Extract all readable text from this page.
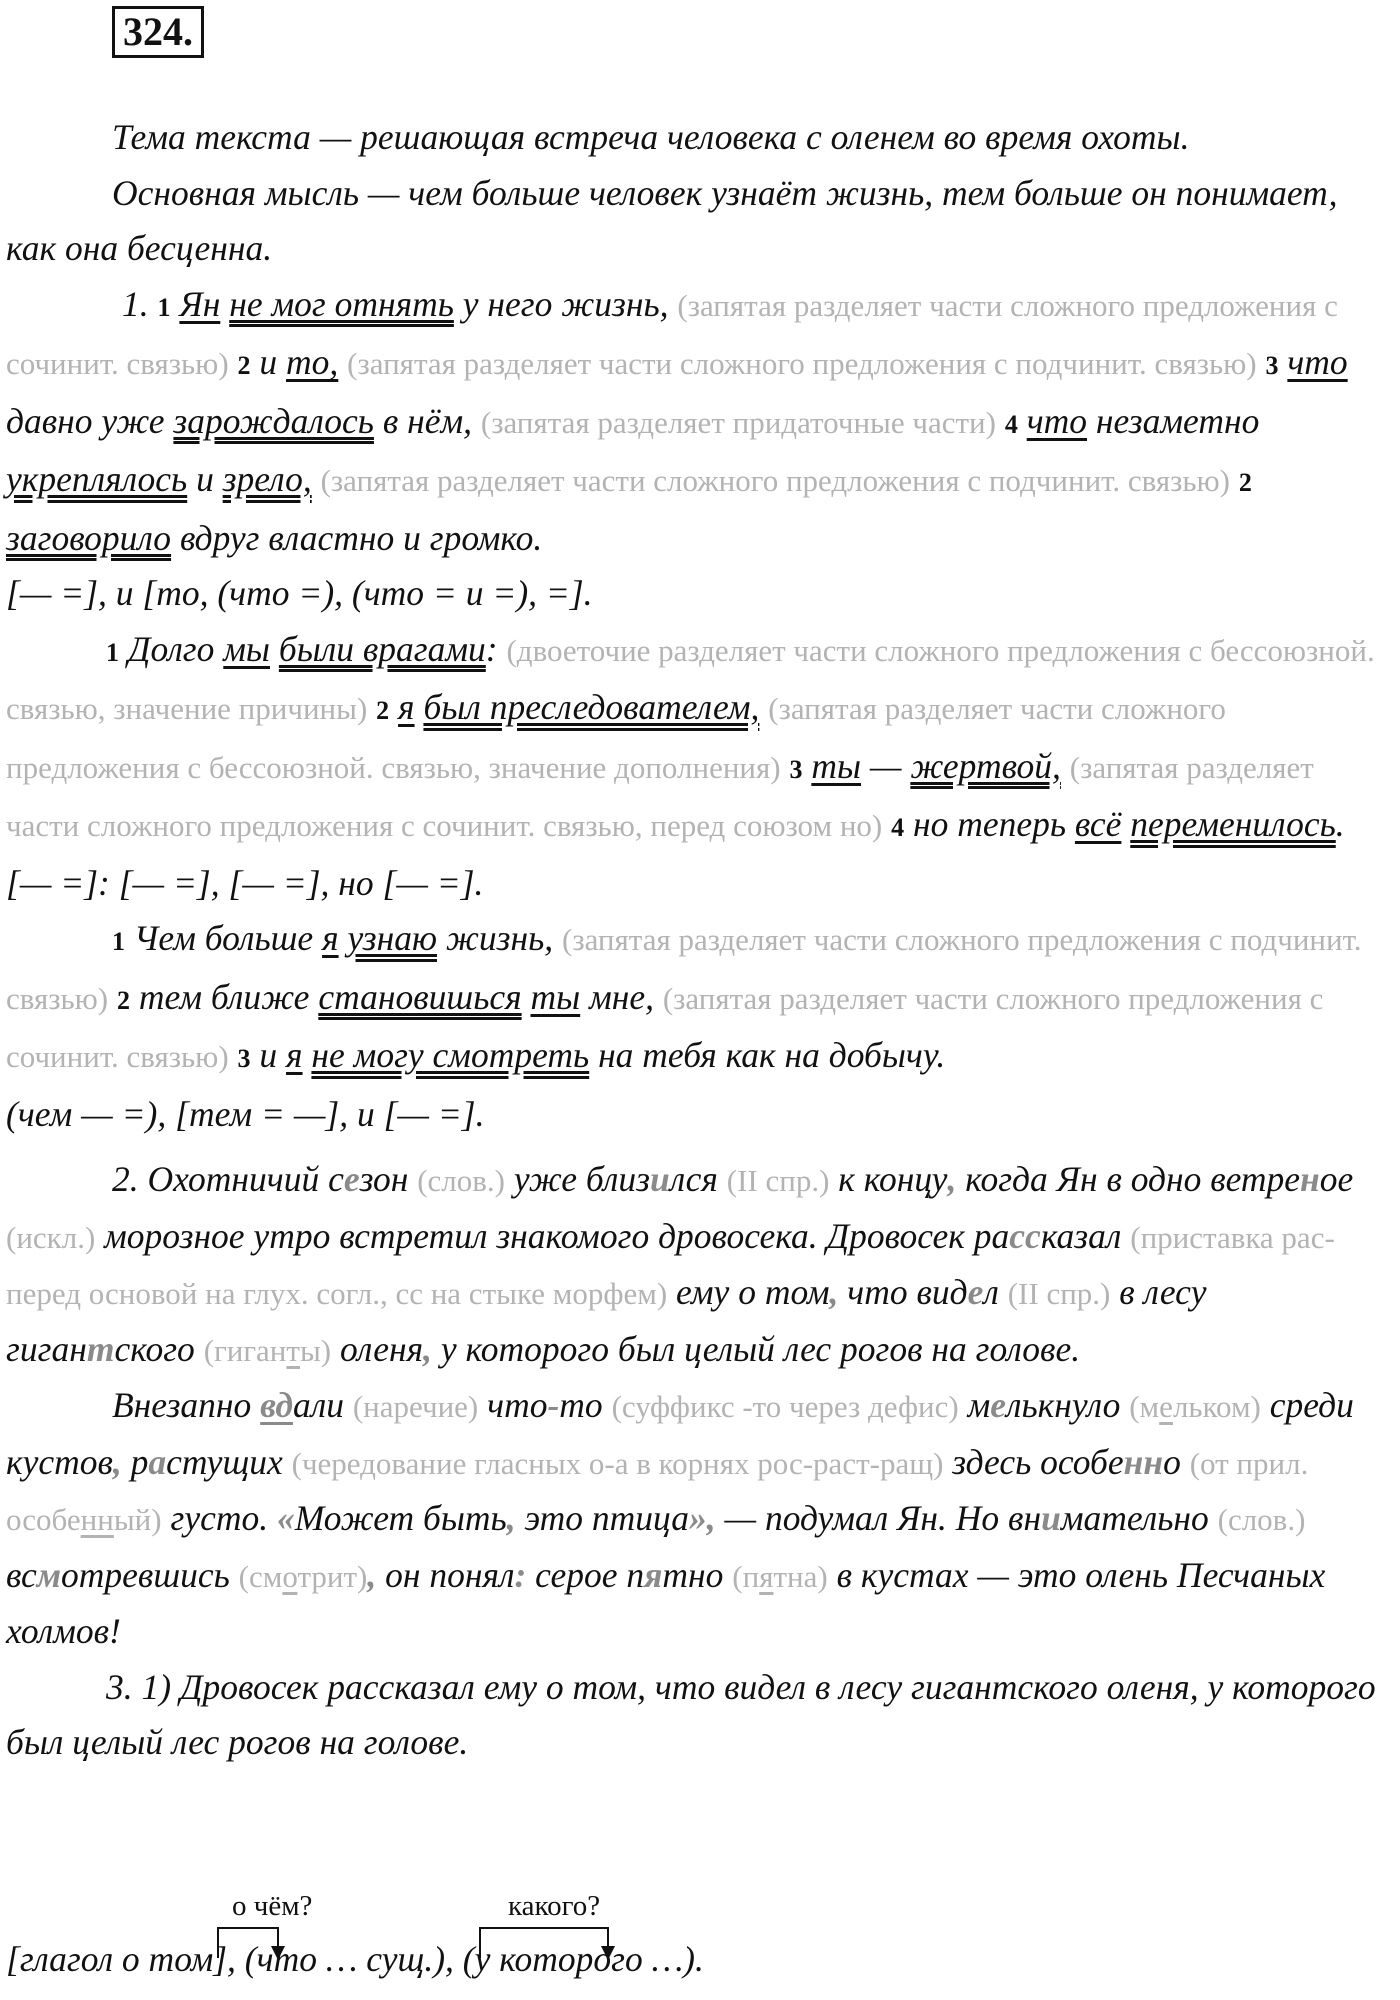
324.

Тема текста — решающая встреча человека с оленем во время охоты.

Основная мысль — чем больше человек узнаёт жизнь, тем больше он понимает, как она бесценна.

1. 1 Ян не мог отнять у него жизнь, (запятая разделяет части сложного предложения с сочинит. связью) 2 и то, (запятая разделяет части сложного предложения с подчинит. связью) 3 что давно уже зарождалось в нём, (запятая разделяет придаточные части) 4 что незаметно укреплялось и зрело, (запятая разделяет части сложного предложения с подчинит. связью) 2 заговорило вдруг властно и громко.

[— =], и [то, (что =), (что = и =), =].

1 Долго мы были врагами: (двоеточие разделяет части сложного предложения с бессоюзной. связью, значение причины) 2 я был преследователем, (запятая разделяет части сложного предложения с бессоюзной. связью, значение дополнения) 3 ты — жертвой, (запятая разделяет части сложного предложения с сочинит. связью, перед союзом но) 4 но теперь всё переменилось.

[— =]: [— =], [— =], но [— =].

1 Чем больше я узнаю жизнь, (запятая разделяет части сложного предложения с подчинит. связью) 2 тем ближе становишься ты мне, (запятая разделяет части сложного предложения с сочинит. связью) 3 и я не могу смотреть на тебя как на добычу.

(чем — =), [тем = —], и [— =].

2. Охотничий сезон (слов.) уже близился (II спр.) к концу, когда Ян в одно ветреное (искл.) морозное утро встретил знакомого дровосека. Дровосек рассказал (приставка рас- перед основой на глух. согл., сс на стыке морфем) ему о том, что видел (II спр.) в лесу гигантского (гиганты) оленя, у которого был целый лес рогов на голове.

Внезапно вдали (наречие) что-то (суффикс -то через дефис) мелькнуло (мельком) среди кустов, растущих (чередование гласных о-а в корнях рос-раст-ращ) здесь особенно (от прил. особенный) густо. «Может быть, это птица», — подумал Ян. Но внимательно (слов.) всмотревшись (смотрит), он понял: серое пятно (пятна) в кустах — это олень Песчаных холмов!

3. 1) Дровосек рассказал ему о том, что видел в лесу гигантского оленя, у которого был целый лес рогов на голове.

о чём?	какого?
[глагол о том], (что … сущ.), (у которого …).
